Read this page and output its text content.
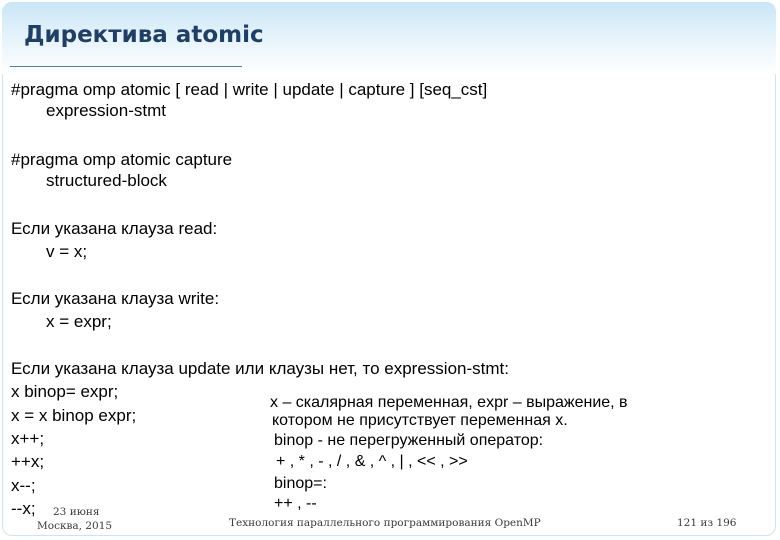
Директива atomic
#pragma omp atomic [ read | write | update | capture ] [seq_cst]
expression-stmt
#pragma omp atomic capture
structured-block
Если указана клауза read:
v = x;
Если указана клауза write:
x = expr;
Если указана клауза update или клаузы нет, то expression-stmt:
x binop= expr;
x = x binop expr;
x++;
++x;
x--;
--x;
x – скалярная переменная, expr – выражение, в
котором не присутствует переменная x.
binop - не перегруженный оператор:
+ , * , - , / , & , ^ , | , << , >>
binop=:
++ , --
23 июня
Москва, 2015	Технология параллельного программирования OpenMP	121 из 196
